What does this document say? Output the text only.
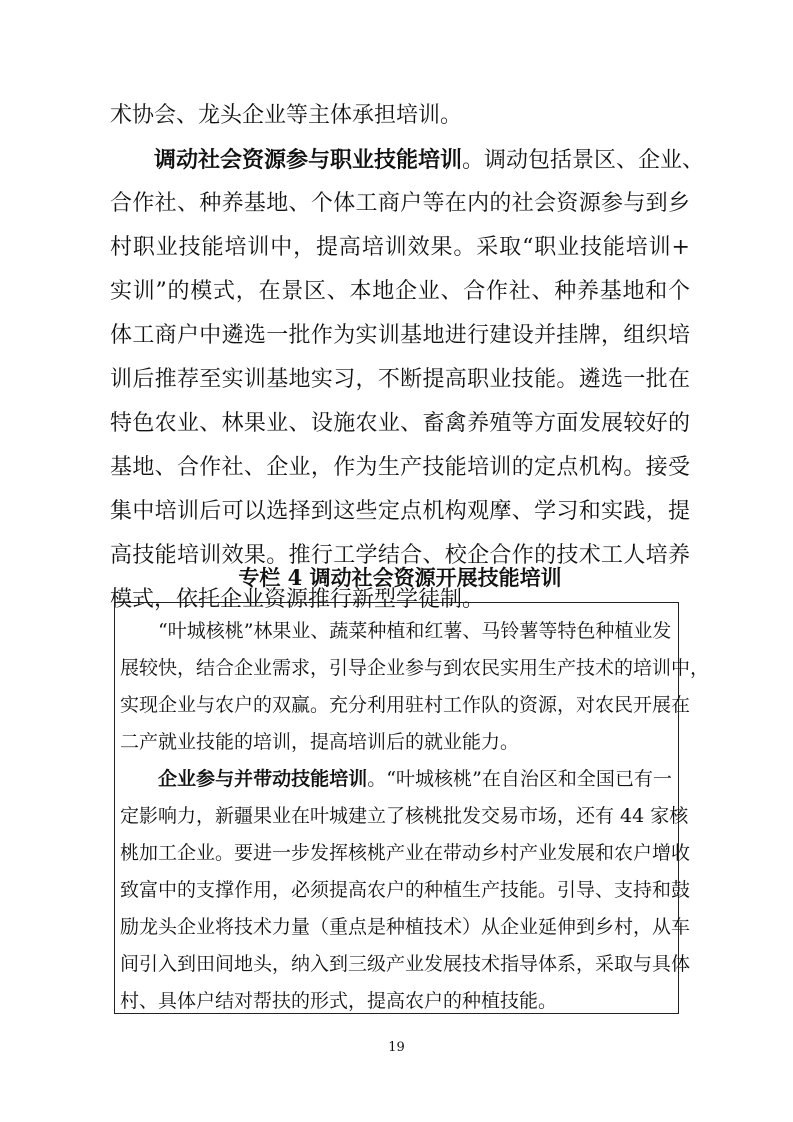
术协会、龙头企业等主体承担培训。

调动社会资源参与职业技能培训。调动包括景区、企业、

合作社、种养基地、个体工商户等在内的社会资源参与到乡

村职业技能培训中，提高培训效果。采取“职业技能培训+

实训”的模式，在景区、本地企业、合作社、种养基地和个

体工商户中遴选一批作为实训基地进行建设并挂牌，组织培

训后推荐至实训基地实习，不断提高职业技能。遴选一批在

特色农业、林果业、设施农业、畜禽养殖等方面发展较好的

基地、合作社、企业，作为生产技能培训的定点机构。接受

集中培训后可以选择到这些定点机构观摩、学习和实践，提

高技能培训效果。推行工学结合、校企合作的技术工人培养

模式，依托企业资源推行新型学徒制。

专栏 4 调动社会资源开展技能培训

“叶城核桃”林果业、蔬菜种植和红薯、马铃薯等特色种植业发

展较快，结合企业需求，引导企业参与到农民实用生产技术的培训中，

实现企业与农户的双赢。充分利用驻村工作队的资源，对农民开展在

二产就业技能的培训，提高培训后的就业能力。

企业参与并带动技能培训。“叶城核桃”在自治区和全国已有一

定影响力，新疆果业在叶城建立了核桃批发交易市场，还有 44 家核

桃加工企业。要进一步发挥核桃产业在带动乡村产业发展和农户增收

致富中的支撑作用，必须提高农户的种植生产技能。引导、支持和鼓

励龙头企业将技术力量（重点是种植技术）从企业延伸到乡村，从车

间引入到田间地头，纳入到三级产业发展技术指导体系，采取与具体

村、具体户结对帮扶的形式，提高农户的种植技能。

19
